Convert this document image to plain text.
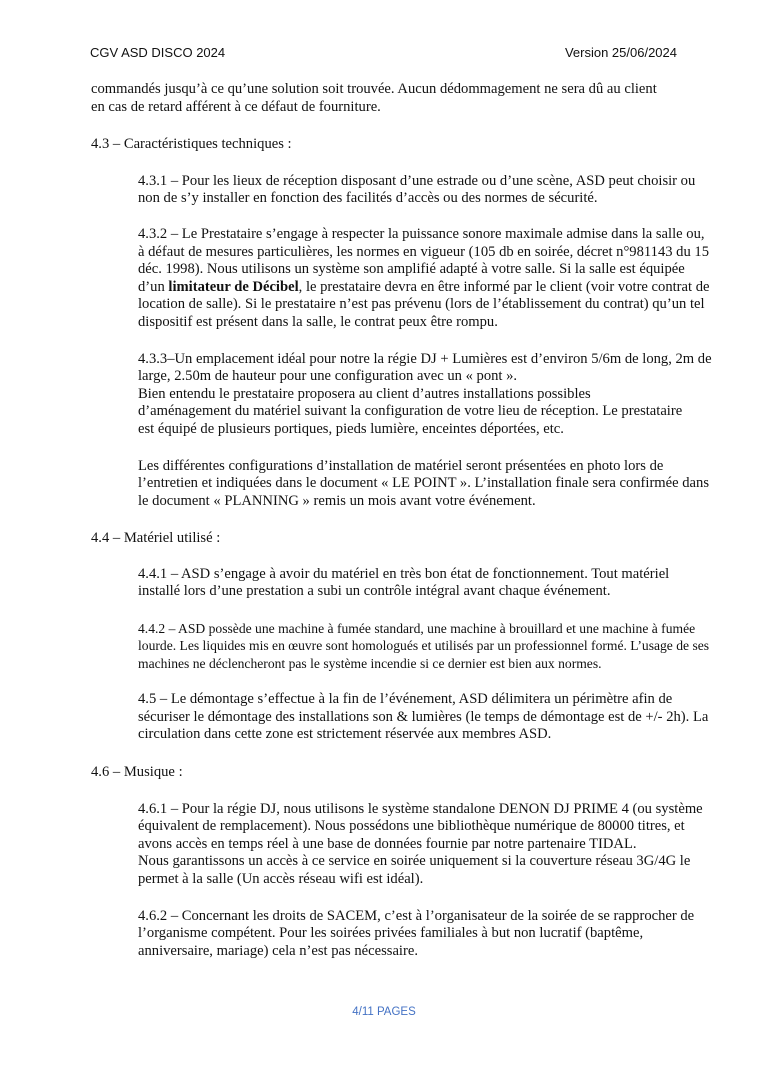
CGV ASD DISCO 2024	Version 25/06/2024

commandés jusqu’à ce qu’une solution soit trouvée. Aucun dédommagement ne sera dû au client en cas de retard afférent à ce défaut de fourniture.

4.3 – Caractéristiques techniques :

4.3.1 – Pour les lieux de réception disposant d’une estrade ou d’une scène, ASD peut choisir ou non de s’y installer en fonction des facilités d’accès ou des normes de sécurité.

4.3.2 – Le Prestataire s’engage à respecter la puissance sonore maximale admise dans la salle ou, à défaut de mesures particulières, les normes en vigueur (105 db en soirée, décret n°981143 du 15 déc. 1998). Nous utilisons un système son amplifié adapté à votre salle. Si la salle est équipée d’un limitateur de Décibel, le prestataire devra en être informé par le client (voir votre contrat de location de salle). Si le prestataire n’est pas prévenu (lors de l’établissement du contrat) qu’un tel dispositif est présent dans la salle, le contrat peux être rompu.

4.3.3–Un emplacement idéal pour notre la régie DJ + Lumières est d’environ 5/6m de long, 2m de large, 2.50m de hauteur pour une configuration avec un « pont ».

Bien entendu le prestataire proposera au client d’autres installations possibles d’aménagement du matériel suivant la configuration de votre lieu de réception. Le prestataire est équipé de plusieurs portiques, pieds lumière, enceintes déportées, etc.

Les différentes configurations d’installation de matériel seront présentées en photo lors de l’entretien et indiquées dans le document « LE POINT ». L’installation finale sera confirmée dans le document « PLANNING » remis un mois avant votre événement.

4.4 – Matériel utilisé :

4.4.1 – ASD s’engage à avoir du matériel en très bon état de fonctionnement. Tout matériel installé lors d’une prestation a subi un contrôle intégral avant chaque événement.

4.4.2 – ASD possède une machine à fumée standard, une machine à brouillard et une machine à fumée lourde. Les liquides mis en œuvre sont homologués et utilisés par un professionnel formé. L’usage de ses machines ne déclencheront pas le système incendie si ce dernier est bien aux normes.

4.5 – Le démontage s’effectue à la fin de l’événement, ASD délimitera un périmètre afin de sécuriser le démontage des installations son & lumières (le temps de démontage est de +/- 2h). La circulation dans cette zone est strictement réservée aux membres ASD.

4.6 – Musique :

4.6.1 – Pour la régie DJ, nous utilisons le système standalone DENON DJ PRIME 4 (ou système équivalent de remplacement). Nous possédons une bibliothèque numérique de 80000 titres, et avons accès en temps réel à une base de données fournie par notre partenaire TIDAL.

Nous garantissons un accès à ce service en soirée uniquement si la couverture réseau 3G/4G le permet à la salle (Un accès réseau wifi est idéal).

4.6.2 – Concernant les droits de SACEM, c’est à l’organisateur de la soirée de se rapprocher de l’organisme compétent. Pour les soirées privées familiales à but non lucratif (baptême, anniversaire, mariage) cela n’est pas nécessaire.

4/11 PAGES
